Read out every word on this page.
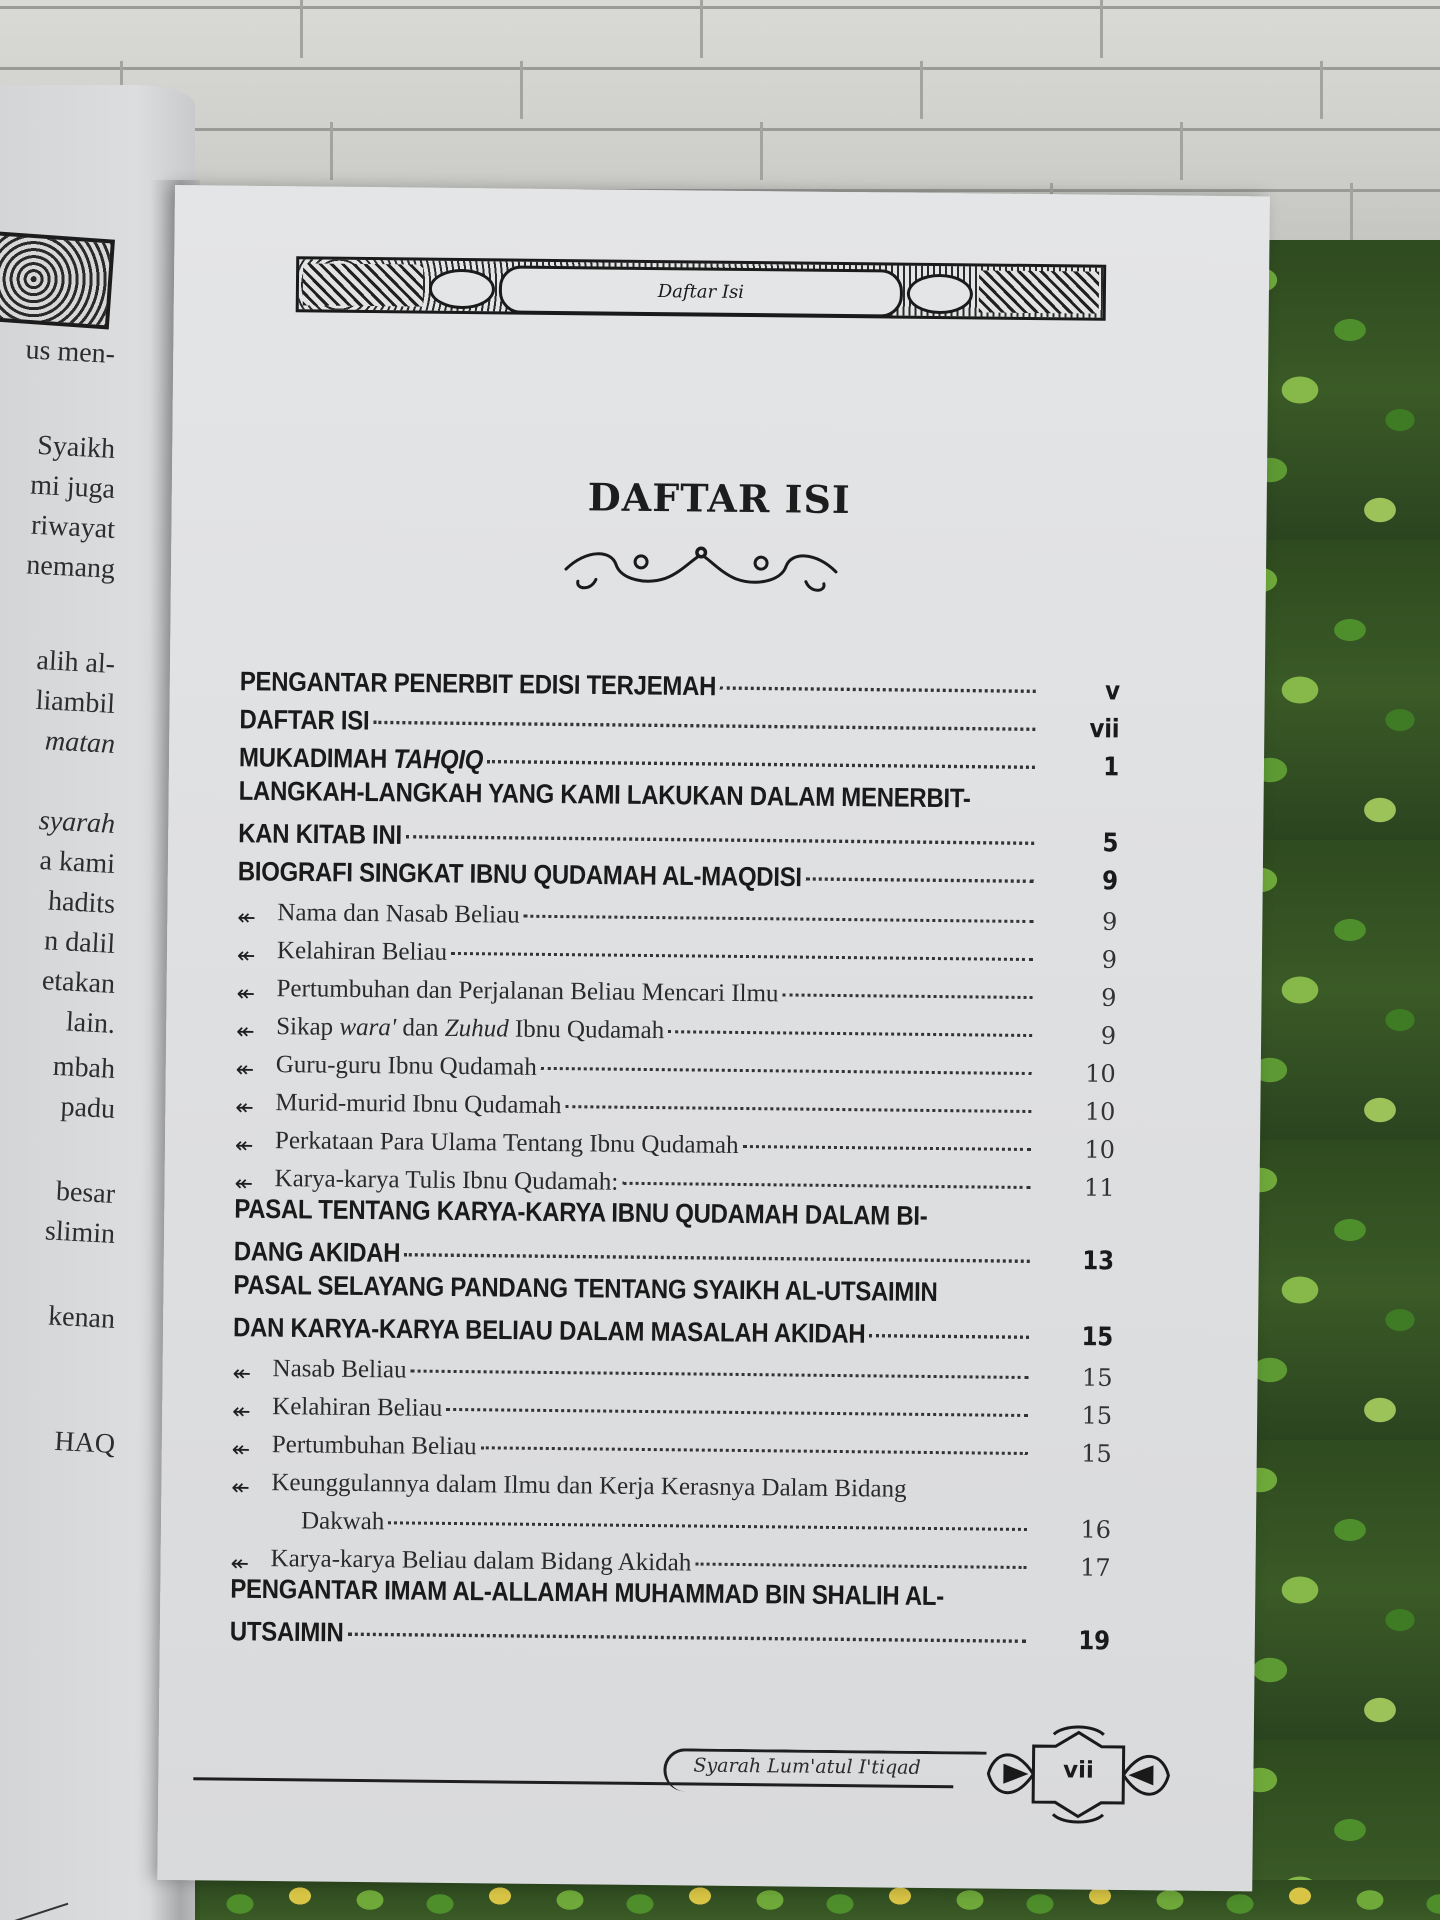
us men-
Syaikh
mi juga
riwayat
nemang
alih al-
liambil
matan
syarah
a kami
hadits
n dalil
etakan
lain.
mbah
padu
besar
slimin
kenan
HAQ
Daftar Isi
DAFTAR ISI
PENGANTAR PENERBIT EDISI TERJEMAH	v
DAFTAR ISI	vii
MUKADIMAH TAHQIQ	1
LANGKAH-LANGKAH YANG KAMI LAKUKAN DALAM MENERBIT-
KAN KITAB INI	5
BIOGRAFI SINGKAT IBNU QUDAMAH AL-MAQDISI	9
↞ Nama dan Nasab Beliau	9
↞ Kelahiran Beliau	9
↞ Pertumbuhan dan Perjalanan Beliau Mencari Ilmu	9
↞ Sikap wara' dan Zuhud Ibnu Qudamah	9
↞ Guru-guru Ibnu Qudamah	10
↞ Murid-murid Ibnu Qudamah	10
↞ Perkataan Para Ulama Tentang Ibnu Qudamah	10
↞ Karya-karya Tulis Ibnu Qudamah:	11
PASAL TENTANG KARYA-KARYA IBNU QUDAMAH DALAM BI-
DANG AKIDAH	13
PASAL SELAYANG PANDANG TENTANG SYAIKH AL-UTSAIMIN
DAN KARYA-KARYA BELIAU DALAM MASALAH AKIDAH	15
↞ Nasab Beliau	15
↞ Kelahiran Beliau	15
↞ Pertumbuhan Beliau	15
↞ Keunggulannya dalam Ilmu dan Kerja Kerasnya Dalam Bidang
Dakwah	16
↞ Karya-karya Beliau dalam Bidang Akidah	17
PENGANTAR IMAM AL-ALLAMAH MUHAMMAD BIN SHALIH AL-
UTSAIMIN	19
Syarah Lum'atul I'tiqad	vii
